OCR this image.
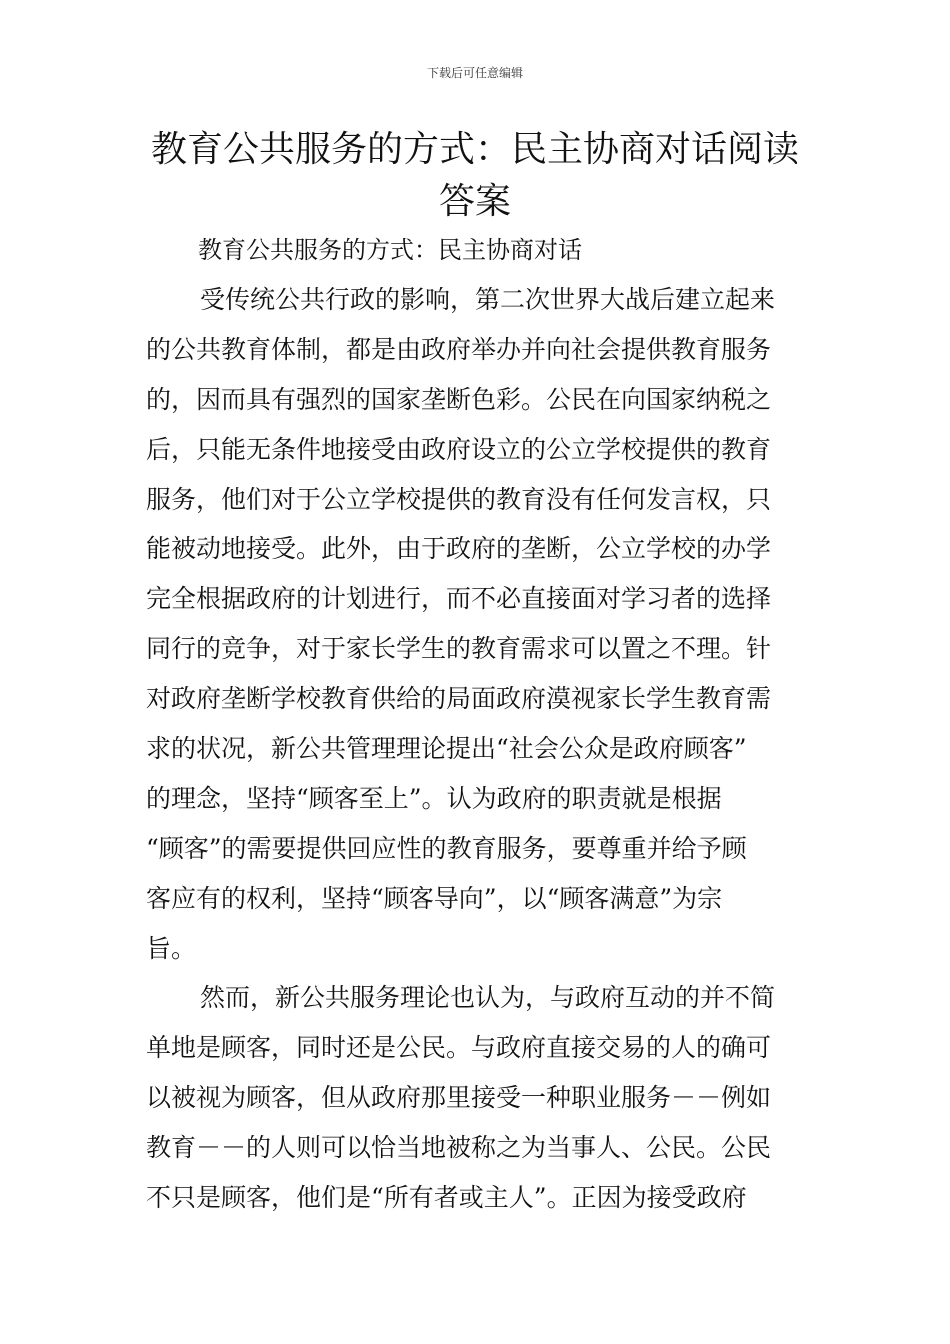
下载后可任意编辑
教育公共服务的方式：民主协商对话阅读
答案
教育公共服务的方式：民主协商对话
受传统公共行政的影响，第二次世界大战后建立起来
的公共教育体制，都是由政府举办并向社会提供教育服务
的，因而具有强烈的国家垄断色彩。公民在向国家纳税之
后，只能无条件地接受由政府设立的公立学校提供的教育
服务，他们对于公立学校提供的教育没有任何发言权，只
能被动地接受。此外，由于政府的垄断，公立学校的办学
完全根据政府的计划进行，而不必直接面对学习者的选择
同行的竞争，对于家长学生的教育需求可以置之不理。针
对政府垄断学校教育供给的局面政府漠视家长学生教育需
求的状况，新公共管理理论提出“社会公众是政府顾客”
的理念，坚持“顾客至上”。认为政府的职责就是根据
“顾客”的需要提供回应性的教育服务，要尊重并给予顾
客应有的权利，坚持“顾客导向”，以“顾客满意”为宗
旨。
然而，新公共服务理论也认为，与政府互动的并不简
单地是顾客，同时还是公民。与政府直接交易的人的确可
以被视为顾客，但从政府那里接受一种职业服务－－例如
教育－－的人则可以恰当地被称之为当事人、公民。公民
不只是顾客，他们是“所有者或主人”。正因为接受政府
